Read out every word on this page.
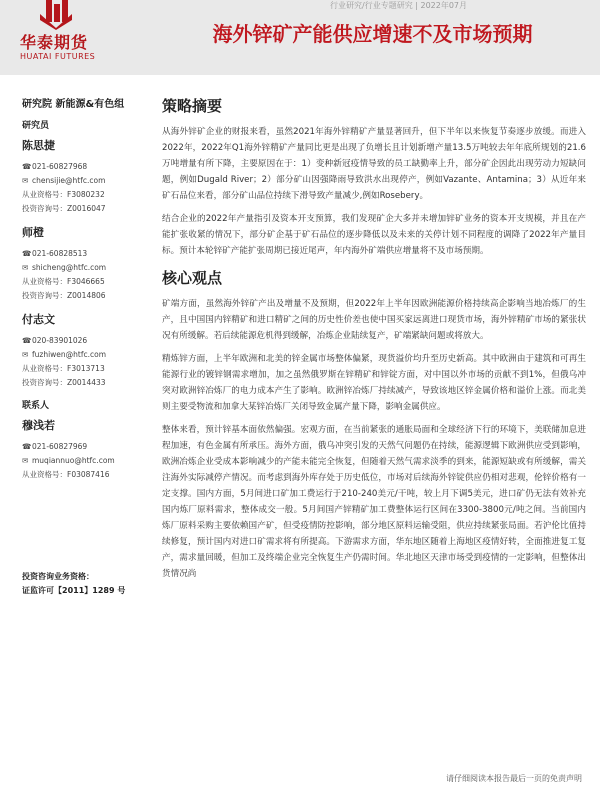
华泰期货
HUATAI FUTURES
行业研究/行业专题研究 | 2022年07月
海外锌矿产能供应增速不及市场预期
研究院 新能源&有色组
研究员
陈思捷
☎021-60827968
✉ chensijie@htfc.com
从业资格号：F3080232
投资咨询号：Z0016047
师橙
☎021-60828513
✉ shicheng@htfc.com
从业资格号：F3046665
投资咨询号：Z0014806
付志文
☎020-83901026
✉ fuzhiwen@htfc.com
从业资格号：F3013713
投资咨询号：Z0014433
联系人
穆浅若
☎021-60827969
✉ muqiannuo@htfc.com
从业资格号：F03087416
投资咨询业务资格：
证监许可【2011】1289 号
策略摘要

从海外锌矿企业的财报来看，虽然2021年海外锌精矿产量显著回升，但下半年以来恢复节奏逐步放缓。而进入2022年，2022年Q1海外锌精矿产量同比更是出现了负增长且计划新增产量13.5万吨较去年年底所规划的21.6万吨增量有所下降，主要原因在于：1）变种新冠疫情导致的员工缺勤率上升，部分矿企因此出现劳动力短缺问题，例如Dugald River；2）部分矿山因强降雨导致洪水出现停产，例如Vazante、Antamina；3）从近年来矿石品位来看，部分矿山品位持续下滑导致产量减少,例如Rosebery。

结合企业的2022年产量指引及资本开支预算，我们发现矿企大多并未增加锌矿业务的资本开支规模，并且在产能扩张收紧的情况下，部分矿企基于矿石品位的逐步降低以及未来的关停计划不同程度的调降了2022年产量目标。预计本轮锌矿产能扩张周期已接近尾声，年内海外矿端供应增量将不及市场预期。

核心观点

矿端方面，虽然海外锌矿产出及增量不及预期，但2022年上半年因欧洲能源价格持续高企影响当地冶炼厂的生产，且中国国内锌精矿和进口精矿之间的历史性价差也使中国买家远离进口现货市场，海外锌精矿市场的紧张状况有所缓解。若后续能源危机得到缓解，冶炼企业陆续复产，矿端紧缺问题或将放大。

精炼锌方面，上半年欧洲和北美的锌金属市场整体偏紧，现货溢价均升至历史新高。其中欧洲由于建筑和可再生能源行业的镀锌钢需求增加，加之虽然俄罗斯在锌精矿和锌锭方面，对中国以外市场的贡献不到1%，但俄乌冲突对欧洲锌冶炼厂的电力成本产生了影响。欧洲锌冶炼厂持续减产，导致该地区锌金属价格和溢价上涨。而北美则主要受物流和加拿大某锌冶炼厂关闭导致金属产量下降，影响金属供应。

整体来看，预计锌基本面依然偏强。宏观方面，在当前紧张的通胀局面和全球经济下行的环境下，美联储加息进程加速，有色金属有所承压。海外方面，俄乌冲突引发的天然气问题仍在持续，能源逻辑下欧洲供应受到影响，欧洲冶炼企业受成本影响减少的产能未能完全恢复，但随着天然气需求淡季的到来，能源短缺或有所缓解，需关注海外实际减停产情况。而考虑到海外库存处于历史低位，市场对后续海外锌锭供应仍相对悲观，伦锌价格有一定支撑。国内方面，5月间进口矿加工费运行于210-240美元/干吨，较上月下调5美元，进口矿仍无法有效补充国内炼厂原料需求，整体成交一般。5月间国产锌精矿加工费整体运行区间在3300-3800元/吨之间。当前国内炼厂原料采购主要依赖国产矿，但受疫情防控影响，部分地区原料运输受阻，供应持续紧张局面。若沪伦比值持续修复，预计国内对进口矿需求将有所提高。下游需求方面，华东地区随着上海地区疫情好转，全面推进复工复产，需求量回暖，但加工及终端企业完全恢复生产仍需时间。华北地区天津市场受到疫情的一定影响，但整体出货情况尚

请仔细阅读本报告最后一页的免责声明
